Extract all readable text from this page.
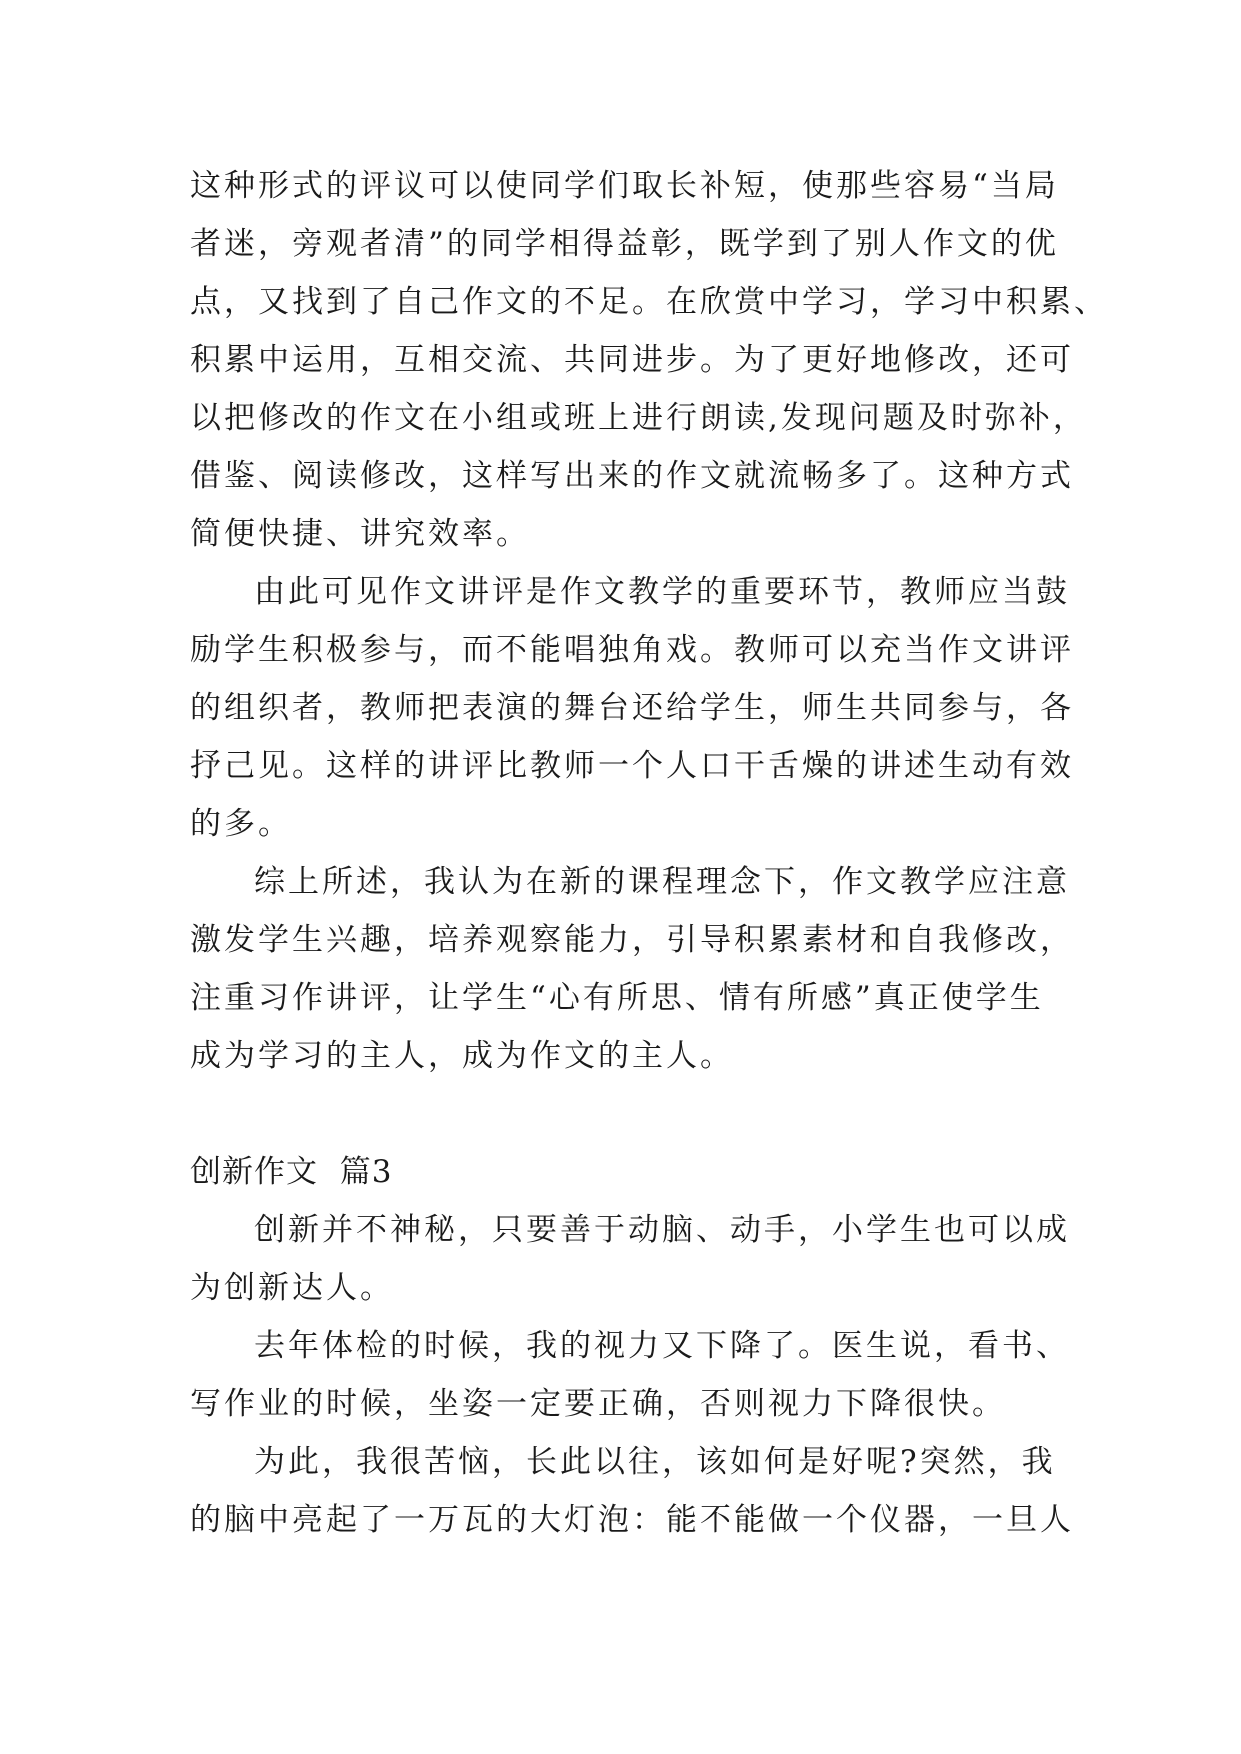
这种形式的评议可以使同学们取长补短，使那些容易“当局
者迷，旁观者清”的同学相得益彰，既学到了别人作文的优
点，又找到了自己作文的不足。在欣赏中学习，学习中积累、
积累中运用，互相交流、共同进步。为了更好地修改，还可
以把修改的作文在小组或班上进行朗读,发现问题及时弥补，
借鉴、阅读修改，这样写出来的作文就流畅多了。这种方式
简便快捷、讲究效率。
由此可见作文讲评是作文教学的重要环节，教师应当鼓
励学生积极参与，而不能唱独角戏。教师可以充当作文讲评
的组织者，教师把表演的舞台还给学生，师生共同参与，各
抒己见。这样的讲评比教师一个人口干舌燥的讲述生动有效
的多。
综上所述，我认为在新的课程理念下，作文教学应注意
激发学生兴趣，培养观察能力，引导积累素材和自我修改，
注重习作讲评，让学生“心有所思、情有所感”真正使学生
成为学习的主人，成为作文的主人。
创新作文  篇3
创新并不神秘，只要善于动脑、动手，小学生也可以成
为创新达人。
去年体检的时候，我的视力又下降了。医生说，看书、
写作业的时候，坐姿一定要正确，否则视力下降很快。
为此，我很苦恼，长此以往，该如何是好呢?突然，我
的脑中亮起了一万瓦的大灯泡：能不能做一个仪器，一旦人
